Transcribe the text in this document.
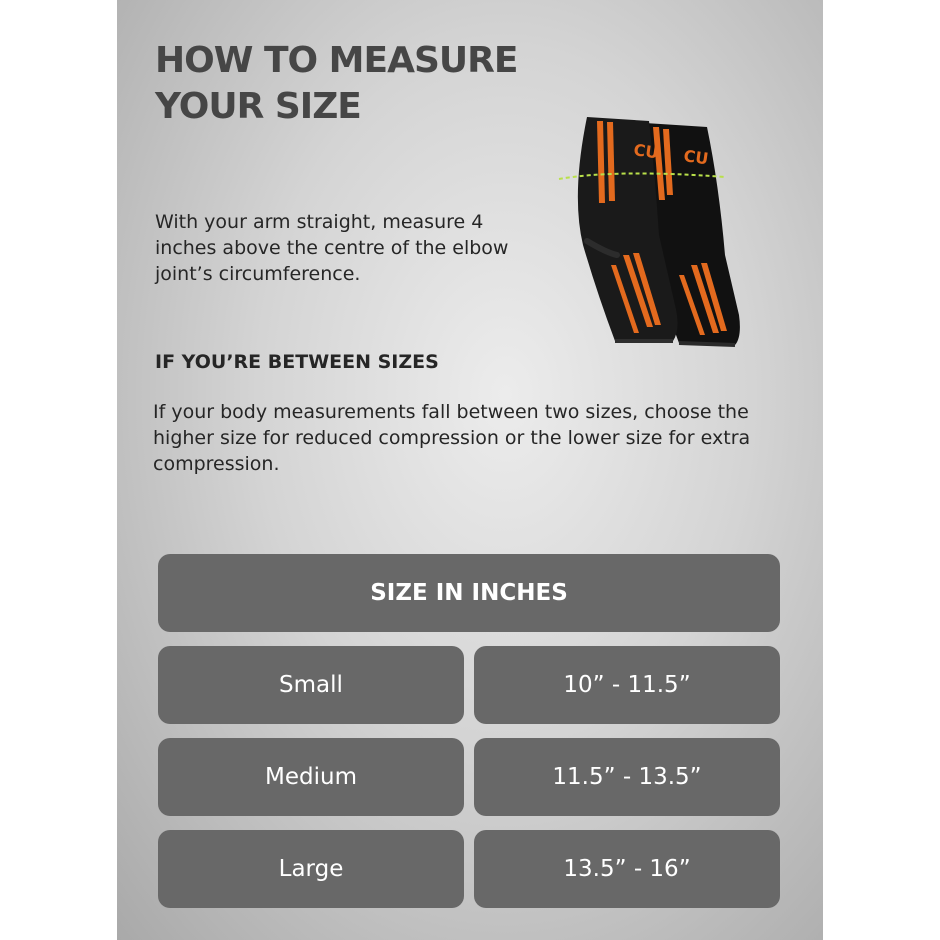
HOW TO MEASURE
YOUR SIZE

With your arm straight, measure 4 inches above the centre of the elbow joint’s circumference.

CU
CU
IF YOU’RE BETWEEN SIZES

If your body measurements fall between two sizes, choose the higher size for reduced compression or the lower size for extra compression.

SIZE IN INCHES
Small	10” - 11.5”
Medium	11.5” - 13.5”
Large	13.5” - 16”
